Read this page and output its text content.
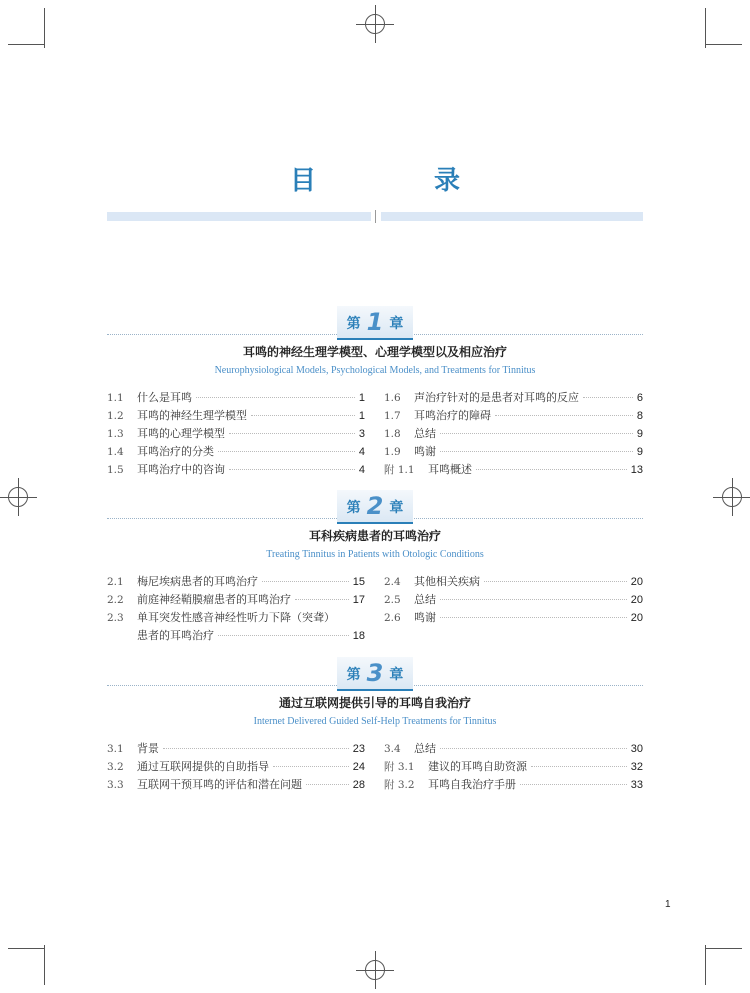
目　录
第 1 章
耳鸣的神经生理学模型、心理学模型以及相应治疗
Neurophysiological Models, Psychological Models, and Treatments for Tinnitus
1.1	什么是耳鸣	1
1.2	耳鸣的神经生理学模型	1
1.3	耳鸣的心理学模型	3
1.4	耳鸣治疗的分类	4
1.5	耳鸣治疗中的咨询	4
1.6	声治疗针对的是患者对耳鸣的反应	6
1.7	耳鸣治疗的障碍	8
1.8	总结	9
1.9	鸣谢	9
附 1.1	耳鸣概述	13
第 2 章
耳科疾病患者的耳鸣治疗
Treating Tinnitus in Patients with Otologic Conditions
2.1	梅尼埃病患者的耳鸣治疗	15
2.2	前庭神经鞘膜瘤患者的耳鸣治疗	17
2.3	单耳突发性感音神经性听力下降（突聋）
患者的耳鸣治疗	18
2.4	其他相关疾病	20
2.5	总结	20
2.6	鸣谢	20
第 3 章
通过互联网提供引导的耳鸣自我治疗
Internet Delivered Guided Self-Help Treatments for Tinnitus
3.1	背景	23
3.2	通过互联网提供的自助指导	24
3.3	互联网干预耳鸣的评估和潜在问题	28
3.4	总结	30
附 3.1	建议的耳鸣自助资源	32
附 3.2	耳鸣自我治疗手册	33
1
